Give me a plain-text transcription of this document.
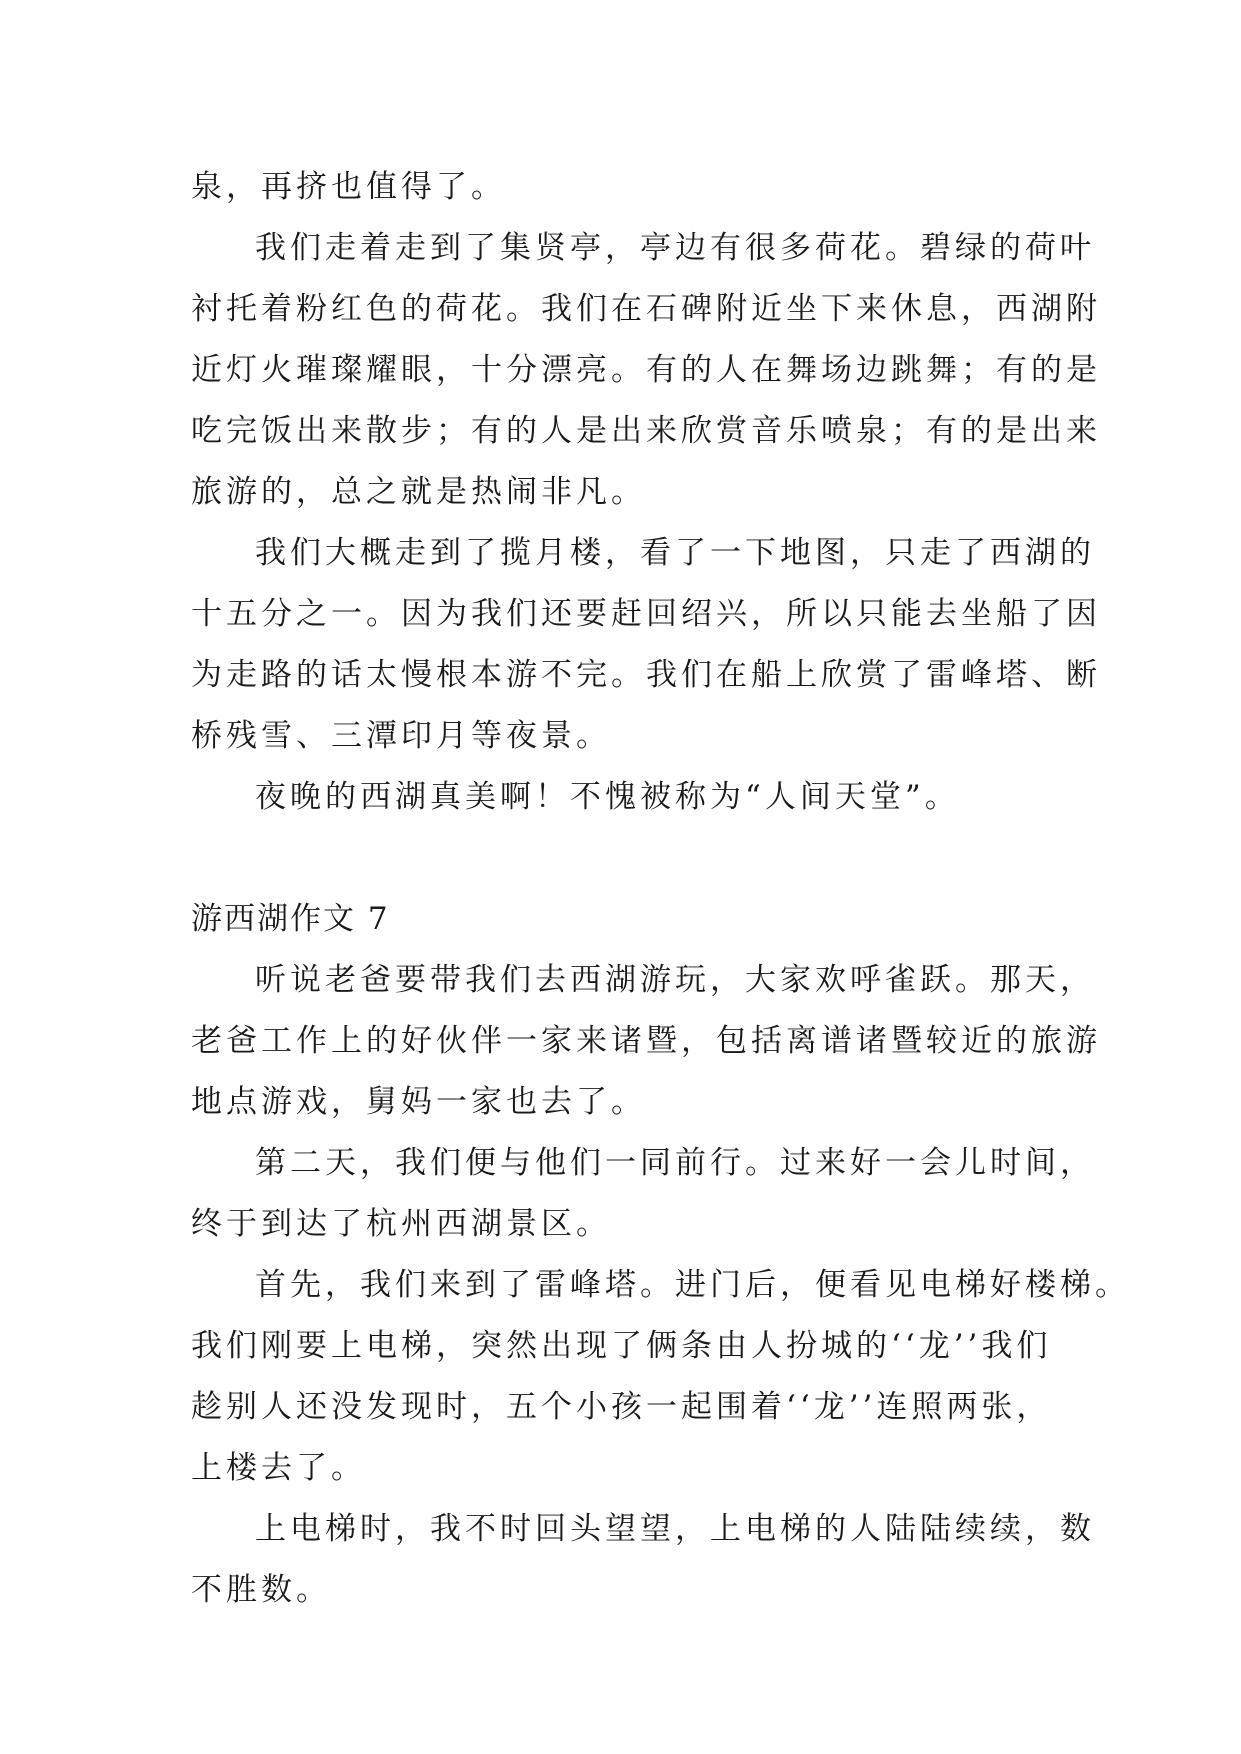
泉，再挤也值得了。
我们走着走到了集贤亭，亭边有很多荷花。碧绿的荷叶
衬托着粉红色的荷花。我们在石碑附近坐下来休息，西湖附
近灯火璀璨耀眼，十分漂亮。有的人在舞场边跳舞；有的是
吃完饭出来散步；有的人是出来欣赏音乐喷泉；有的是出来
旅游的，总之就是热闹非凡。
我们大概走到了揽月楼，看了一下地图，只走了西湖的
十五分之一。因为我们还要赶回绍兴，所以只能去坐船了因
为走路的话太慢根本游不完。我们在船上欣赏了雷峰塔、断
桥残雪、三潭印月等夜景。
夜晚的西湖真美啊！不愧被称为“人间天堂”。
游西湖作文 7
听说老爸要带我们去西湖游玩，大家欢呼雀跃。那天，
老爸工作上的好伙伴一家来诸暨，包括离谱诸暨较近的旅游
地点游戏，舅妈一家也去了。
第二天，我们便与他们一同前行。过来好一会儿时间，
终于到达了杭州西湖景区。
首先，我们来到了雷峰塔。进门后，便看见电梯好楼梯。
我们刚要上电梯，突然出现了俩条由人扮城的‘‘龙’’我们
趁别人还没发现时，五个小孩一起围着‘‘龙’’连照两张，
上楼去了。
上电梯时，我不时回头望望，上电梯的人陆陆续续，数
不胜数。
